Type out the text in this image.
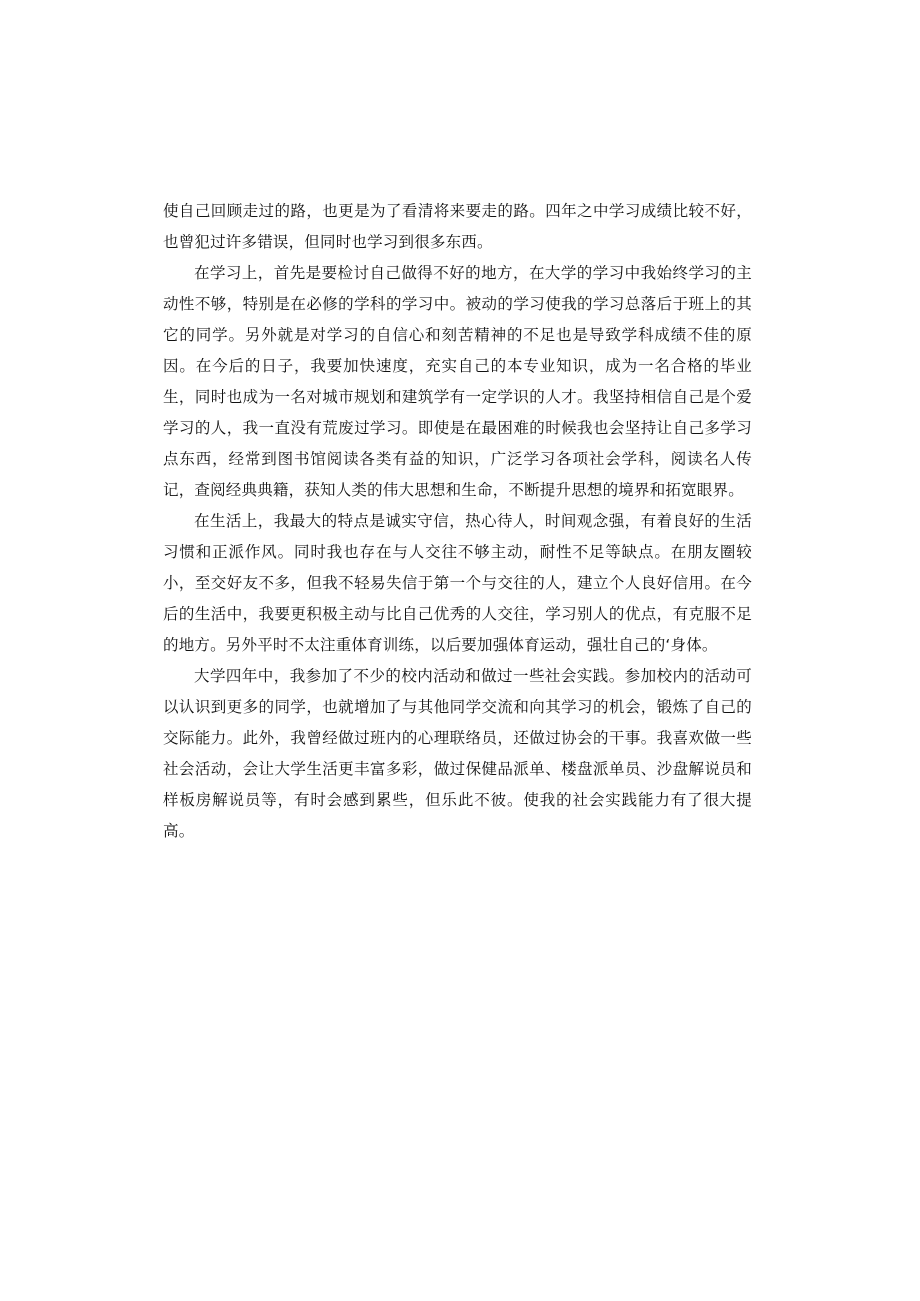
使自己回顾走过的路，也更是为了看清将来要走的路。四年之中学习成绩比较不好，也曾犯过许多错误，但同时也学习到很多东西。

在学习上，首先是要检讨自己做得不好的地方，在大学的学习中我始终学习的主动性不够，特别是在必修的学科的学习中。被动的学习使我的学习总落后于班上的其它的同学。另外就是对学习的自信心和刻苦精神的不足也是导致学科成绩不佳的原因。在今后的日子，我要加快速度，充实自己的本专业知识，成为一名合格的毕业生，同时也成为一名对城市规划和建筑学有一定学识的人才。我坚持相信自己是个爱学习的人，我一直没有荒废过学习。即使是在最困难的时候我也会坚持让自己多学习点东西，经常到图书馆阅读各类有益的知识，广泛学习各项社会学科，阅读名人传记，查阅经典典籍，获知人类的伟大思想和生命，不断提升思想的境界和拓宽眼界。

在生活上，我最大的特点是诚实守信，热心待人，时间观念强，有着良好的生活习惯和正派作风。同时我也存在与人交往不够主动，耐性不足等缺点。在朋友圈较小，至交好友不多，但我不轻易失信于第一个与交往的人，建立个人良好信用。在今后的生活中，我要更积极主动与比自己优秀的人交往，学习别人的优点，有克服不足的地方。另外平时不太注重体育训练，以后要加强体育运动，强壮自己的‘身体。

大学四年中，我参加了不少的校内活动和做过一些社会实践。参加校内的活动可以认识到更多的同学，也就增加了与其他同学交流和向其学习的机会，锻炼了自己的交际能力。此外，我曾经做过班内的心理联络员，还做过协会的干事。我喜欢做一些社会活动，会让大学生活更丰富多彩，做过保健品派单、楼盘派单员、沙盘解说员和样板房解说员等，有时会感到累些，但乐此不彼。使我的社会实践能力有了很大提高。
